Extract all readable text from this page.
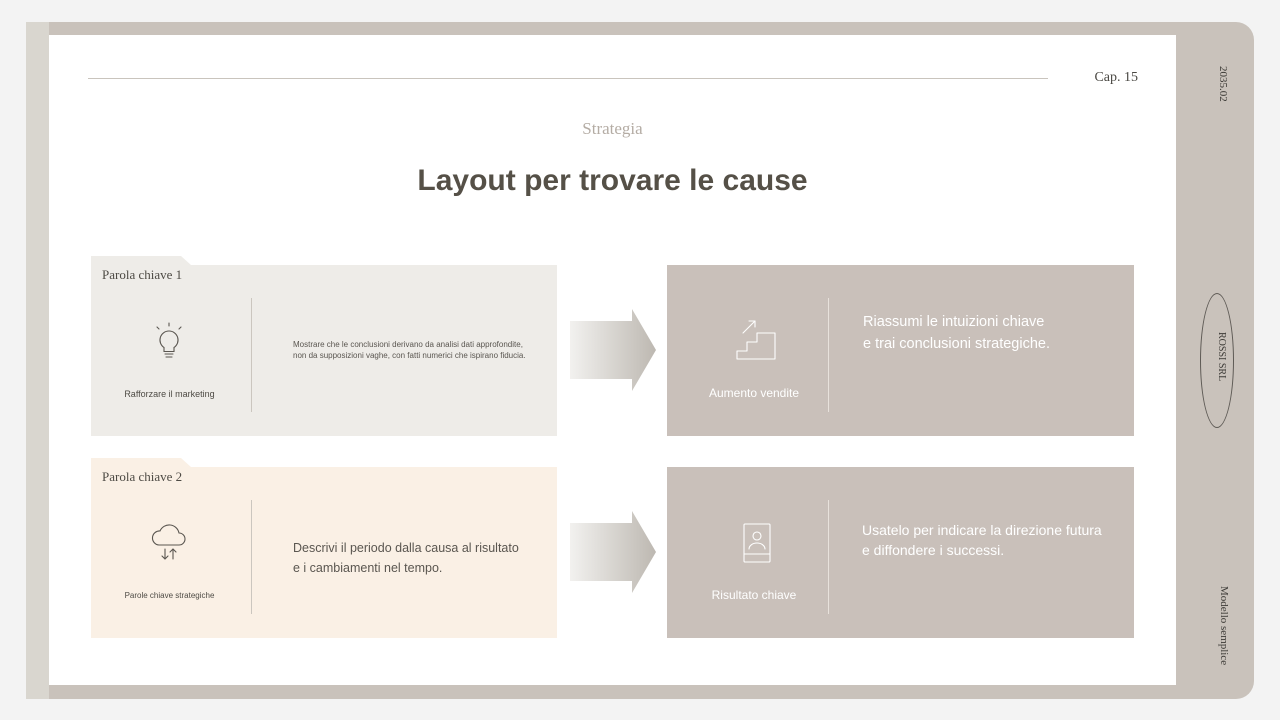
2035.02
ROSSI SRL
Modello semplice
Cap. 15
Strategia
Layout per trovare le cause
Parola chiave 1
Rafforzare il marketing
Mostrare che le conclusioni derivano da analisi dati approfondite, non da supposizioni vaghe, con fatti numerici che ispirano fiducia.
Aumento vendite
Riassumi le intuizioni chiave
e trai conclusioni strategiche.
Parola chiave 2
Parole chiave strategiche
Descrivi il periodo dalla causa al risultato
e i cambiamenti nel tempo.
Risultato chiave
Usatelo per indicare la direzione futura
e diffondere i successi.
